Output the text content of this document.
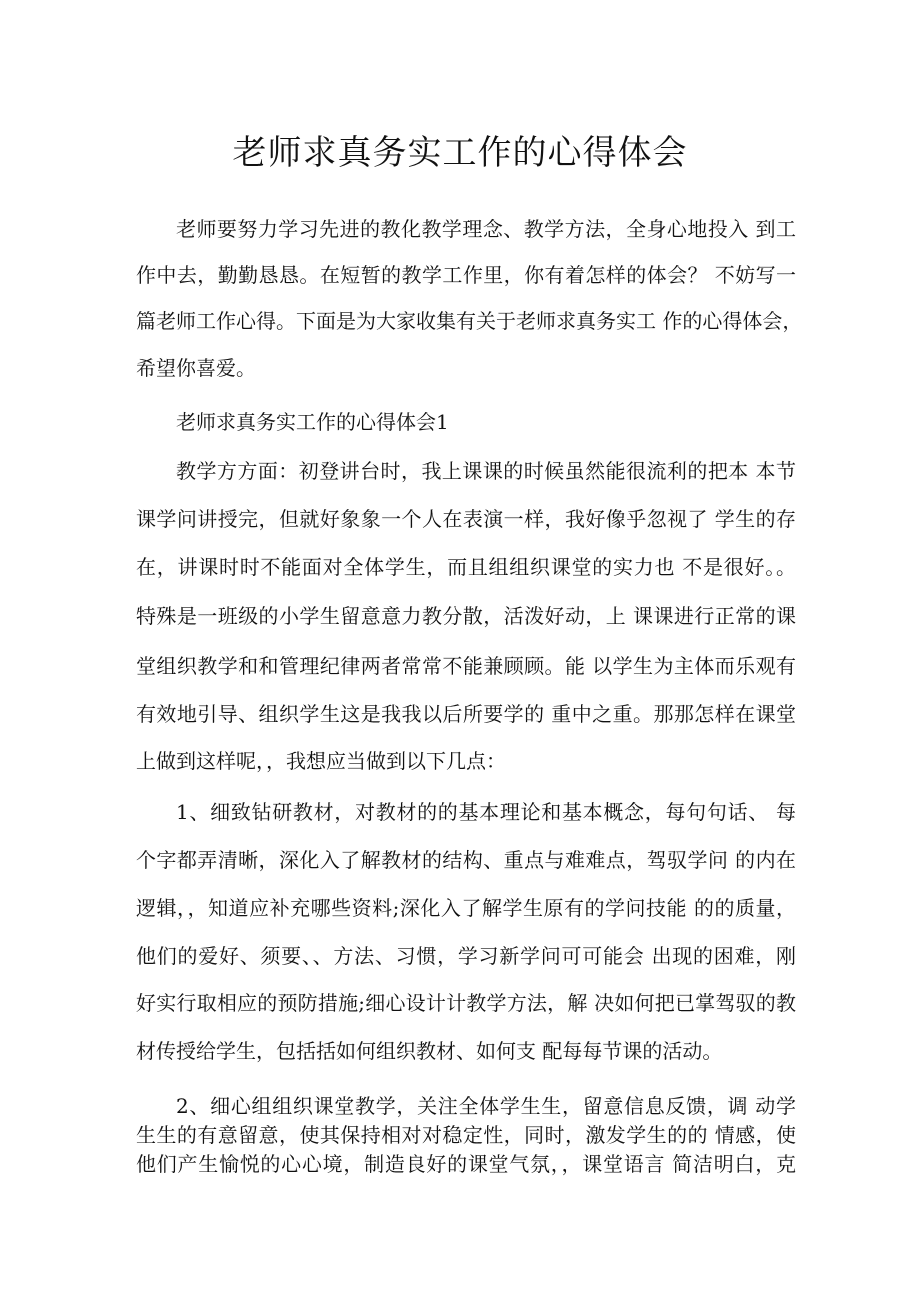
老师求真务实工作的心得体会
老师要努力学习先进的教化教学理念、教学方法，全身心地投入 到工
作中去，勤勤恳恳。在短暂的教学工作里，你有着怎样的体会？ 不妨写一
篇老师工作心得。下面是为大家收集有关于老师求真务实工 作的心得体会，
希望你喜爱。
老师求真务实工作的心得体会1
教学方方面：初登讲台时，我上课课的时候虽然能很流利的把本 本节
课学问讲授完，但就好象象一个人在表演一样，我好像乎忽视了 学生的存
在，讲课时时不能面对全体学生，而且组组织课堂的实力也 不是很好。。
特殊是一班级的小学生留意意力教分散，活泼好动，上 课课进行正常的课
堂组织教学和和管理纪律两者常常不能兼顾顾。能 以学生为主体而乐观有
有效地引导、组织学生这是我我以后所要学的 重中之重。那那怎样在课堂
上做到这样呢，，我想应当做到以下几点：
1、细致钻研教材，对教材的的基本理论和基本概念，每句句话、 每
个字都弄清晰，深化入了解教材的结构、重点与难难点，驾驭学问 的内在
逻辑，，知道应补充哪些资料;深化入了解学生原有的学问技能 的的质量，
他们的爱好、须要、、方法、习惯，学习新学问可可能会 出现的困难，刚
好实行取相应的预防措施;细心设计计教学方法，解 决如何把已掌驾驭的教
材传授给学生，包括括如何组织教材、如何支 配每每节课的活动。
2、细心组组织课堂教学，关注全体学生生，留意信息反馈，调 动学
生生的有意留意，使其保持相对对稳定性，同时，激发学生的的 情感，使
他们产生愉悦的心心境，制造良好的课堂气氛，，课堂语言 简洁明白，克
